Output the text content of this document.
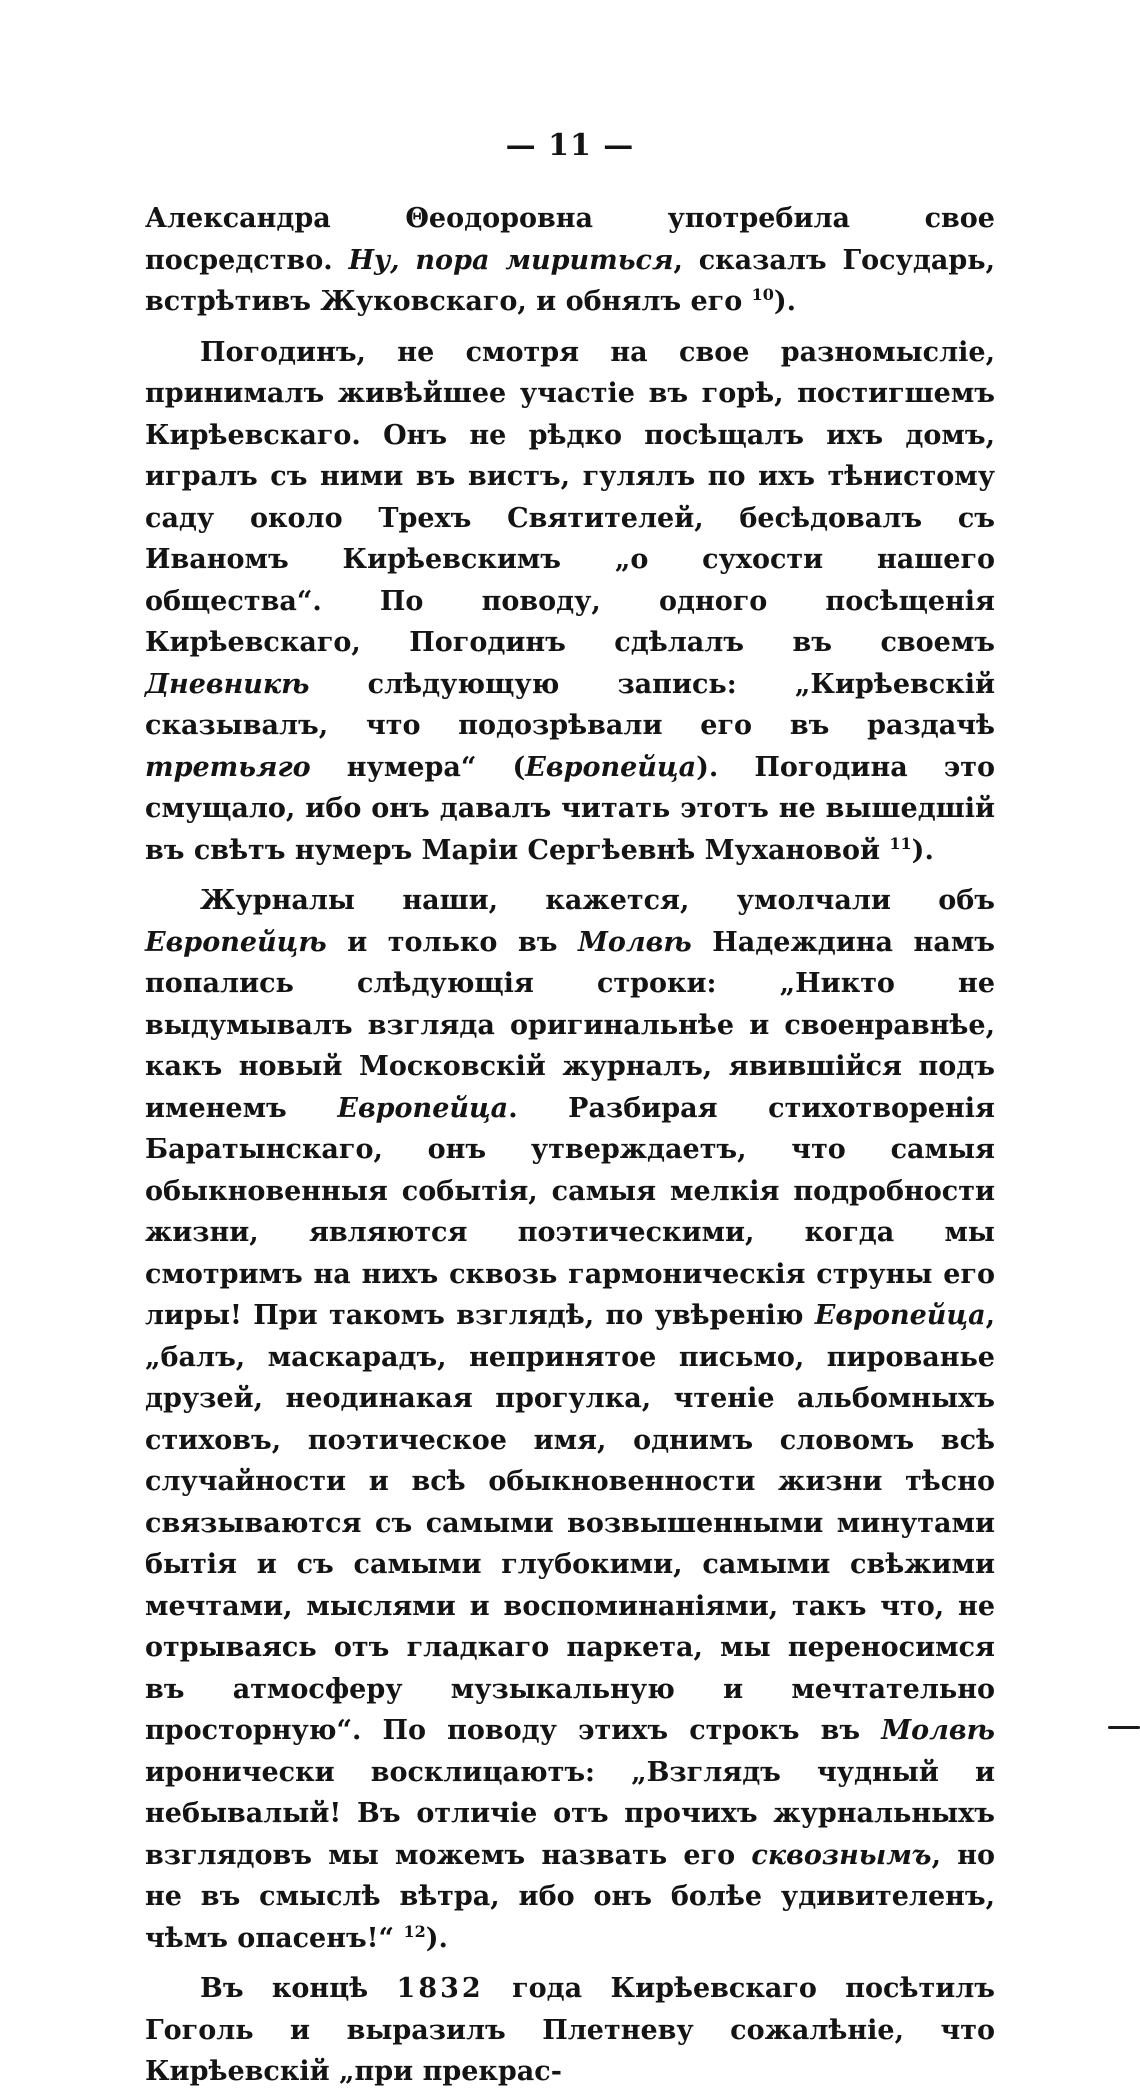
— 11 —

Александра Θеодоровна употребила свое посредство. Ну, пора мириться, сказалъ Государь, встрѣтивъ Жуковскаго, и обнялъ его $^{10}$).

Погодинъ, не смотря на свое разномысліе, принималъ живѣйшее участіе въ горѣ, постигшемъ Кирѣевскаго. Онъ не рѣдко посѣщалъ ихъ домъ, игралъ съ ними въ вистъ, гулялъ по ихъ тѣнистому саду около Трехъ Святителей, бесѣдовалъ съ Иваномъ Кирѣевскимъ „о сухости нашего общества“. По поводу, одного посѣщенія Кирѣевскаго, Погодинъ сдѣлалъ въ своемъ Дневникѣ слѣдующую запись: „Кирѣевскій сказывалъ, что подозрѣвали его въ раздачѣ третьяго нумера“ (Европейца). Погодина это смущало, ибо онъ давалъ читать этотъ не вышедшій въ свѣтъ нумеръ Маріи Сергѣевнѣ Мухановой $^{11}$).

Журналы наши, кажется, умолчали объ Европейцѣ и только въ Молвѣ Надеждина намъ попались слѣдующія строки: „Никто не выдумывалъ взгляда оригинальнѣе и своенравнѣе, какъ новый Московскій журналъ, явившійся подъ именемъ Европейца. Разбирая стихотворенія Баратынскаго, онъ утверждаетъ, что самыя обыкновенныя событія, самыя мелкія подробности жизни, являются поэтическими, когда мы смотримъ на нихъ сквозь гармоническія струны его лиры! При такомъ взглядѣ, по увѣренію Европейца, „балъ, маскарадъ, непринятое письмо, пированье друзей, неодинакая прогулка, чтеніе альбомныхъ стиховъ, поэтическое имя, однимъ словомъ всѣ случайности и всѣ обыкновенности жизни тѣсно связываются съ самыми возвышенными минутами бытія и съ самыми глубокими, самыми свѣжими мечтами, мыслями и воспоминаніями, такъ что, не отрываясь отъ гладкаго паркета, мы переносимся въ атмосферу музыкальную и мечтательно просторную“. По поводу этихъ строкъ въ Молвѣ иронически восклицаютъ: „Взглядъ чудный и небывалый! Въ отличіе отъ прочихъ журнальныхъ взглядовъ мы можемъ назвать его сквознымъ, но не въ смыслѣ вѣтра, ибо онъ болѣе удивителенъ, чѣмъ опасенъ!“ $^{12}$).

Въ концѣ 1832 года Кирѣевскаго посѣтилъ Гоголь и выразилъ Плетневу сожалѣніе, что Кирѣевскій „при прекрас-
